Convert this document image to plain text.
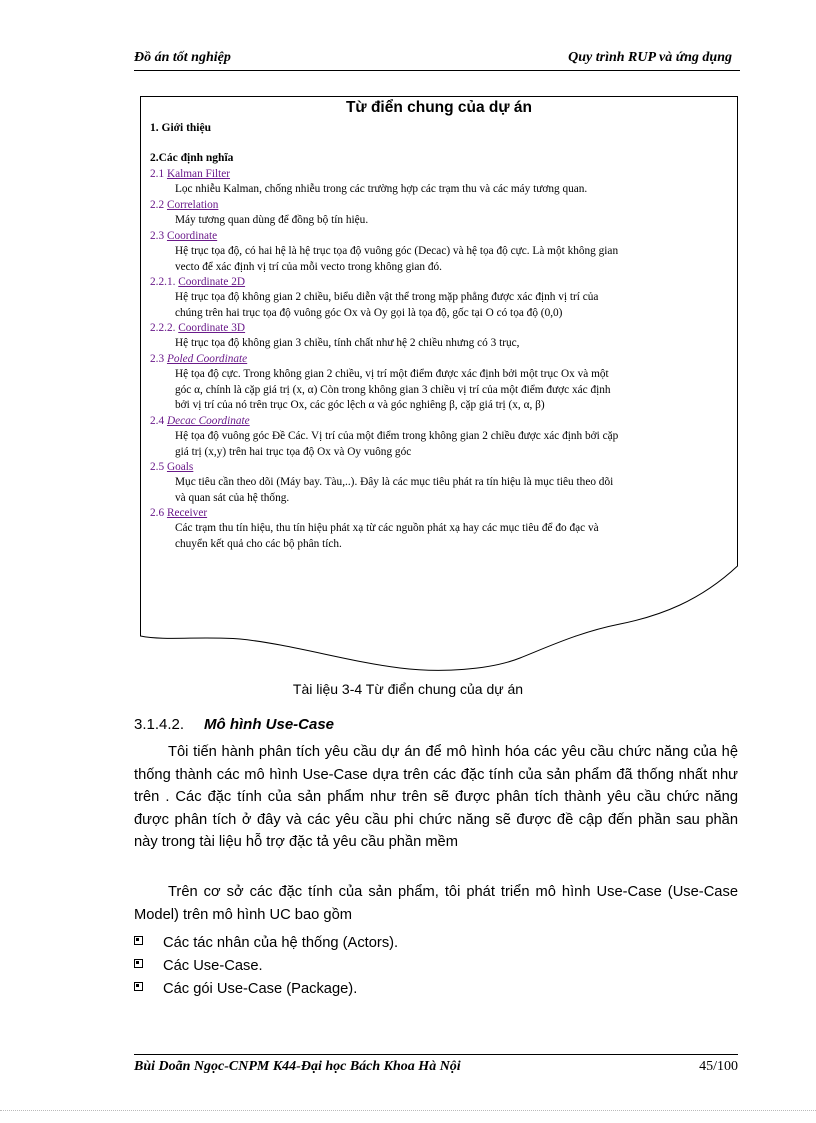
Đồ án tốt nghiệp	Quy trình RUP và ứng dụng
Từ điển chung của dự án
1. Giới thiệu
2.Các định nghĩa
2.1 Kalman Filter
Lọc nhiễu Kalman, chống nhiễu trong các trường hợp các trạm thu và các máy tương quan.
2.2 Correlation
Máy tương quan dùng để đồng bộ tín hiệu.
2.3 Coordinate
Hệ trục tọa độ, có hai hệ là hệ trục tọa độ vuông góc (Decac) và hệ tọa độ cực. Là một không gian
vecto để xác định vị trí của mỗi vecto trong không gian đó.
2.2.1. Coordinate 2D
Hệ trục tọa độ không gian 2 chiều, biểu diễn vật thể trong mặp phẳng được xác định vị trí của
chúng trên hai trục tọa độ vuông góc Ox và Oy gọi là tọa độ, gốc tại O có tọa độ (0,0)
2.2.2. Coordinate 3D
Hệ trục tọa độ không gian 3 chiều, tính chất như hệ 2 chiều nhưng có 3 trục,
2.3 Poled Coordinate
Hệ tọa độ cực. Trong không gian 2 chiều, vị trí một điểm được xác định bởi một trục Ox và một
góc α, chính là cặp giá trị (x, α) Còn trong không gian 3 chiều vị trí của một điểm được xác định
bởi vị trí của nó trên trục Ox, các góc lệch α và góc nghiêng β, cặp giá trị (x, α, β)
2.4 Decac Coordinate
Hệ tọa độ vuông góc Đề Các. Vị trí của một điểm trong không gian 2 chiều được xác định bởi cặp
giá trị (x,y) trên hai trục tọa độ Ox và Oy vuông góc
2.5 Goals
Mục tiêu cần theo dõi (Máy bay. Tàu,..). Đây là các mục tiêu phát ra tín hiệu là mục tiêu theo dõi
và quan sát của hệ thống.
2.6 Receiver
Các trạm thu tín hiệu, thu tín hiệu phát xạ từ các nguồn phát xạ hay các mục tiêu để đo đạc và
chuyển kết quả cho các bộ phân tích.
Tài liệu 3-4 Từ điển chung của dự án
3.1.4.2. Mô hình Use-Case

Tôi tiến hành phân tích yêu cầu dự án để mô hình hóa các yêu cầu chức năng của hệ thống thành các mô hình Use-Case dựa trên các đặc tính của sản phẩm đã thống nhất như trên . Các đặc tính của sản phẩm như trên sẽ được phân tích thành yêu cầu chức năng được phân tích ở đây và các yêu cầu phi chức năng sẽ được đề cập đến phần sau phần này trong tài liệu hỗ trợ đặc tả yêu cầu phần mềm

Trên cơ sở các đặc tính của sản phẩm, tôi phát triển mô hình Use-Case (Use-Case Model) trên mô hình UC bao gồm

Các tác nhân của hệ thống (Actors).
Các Use-Case.
Các gói Use-Case (Package).
Bùi Doãn Ngọc-CNPM K44-Đại học Bách Khoa Hà Nội	45/100
